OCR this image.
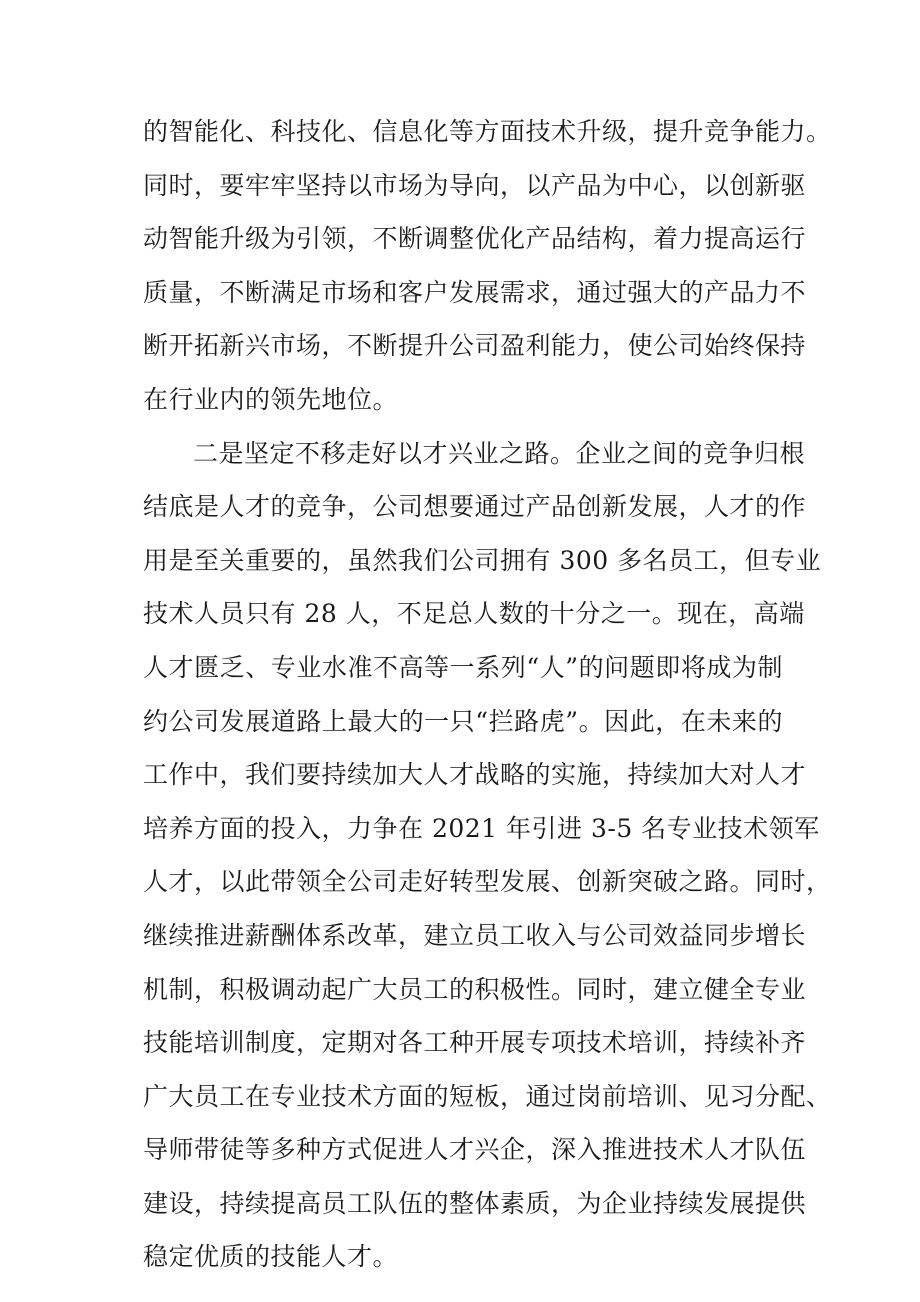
的智能化、科技化、信息化等方面技术升级，提升竞争能力。
同时，要牢牢坚持以市场为导向，以产品为中心，以创新驱
动智能升级为引领，不断调整优化产品结构，着力提高运行
质量，不断满足市场和客户发展需求，通过强大的产品力不
断开拓新兴市场，不断提升公司盈利能力，使公司始终保持
在行业内的领先地位。
二是坚定不移走好以才兴业之路。企业之间的竞争归根
结底是人才的竞争，公司想要通过产品创新发展，人才的作
用是至关重要的，虽然我们公司拥有 300 多名员工，但专业
技术人员只有 28 人，不足总人数的十分之一。现在，高端
人才匮乏、专业水准不高等一系列“人”的问题即将成为制
约公司发展道路上最大的一只“拦路虎”。因此，在未来的
工作中，我们要持续加大人才战略的实施，持续加大对人才
培养方面的投入，力争在 2021 年引进 3-5 名专业技术领军
人才，以此带领全公司走好转型发展、创新突破之路。同时，
继续推进薪酬体系改革，建立员工收入与公司效益同步增长
机制，积极调动起广大员工的积极性。同时，建立健全专业
技能培训制度，定期对各工种开展专项技术培训，持续补齐
广大员工在专业技术方面的短板，通过岗前培训、见习分配、
导师带徒等多种方式促进人才兴企，深入推进技术人才队伍
建设，持续提高员工队伍的整体素质，为企业持续发展提供
稳定优质的技能人才。
